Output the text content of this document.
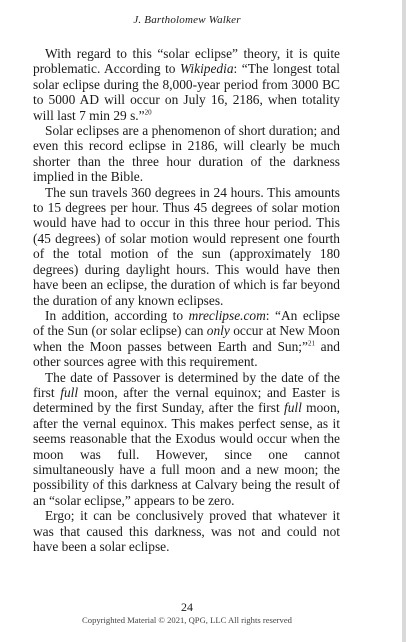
J. Bartholomew Walker

With regard to this “solar eclipse” theory, it is quite problematic. According to Wikipedia: “The longest total solar eclipse during the 8,000-year period from 3000 BC to 5000 AD will occur on July 16, 2186, when totality will last 7 min 29 s.”$^{20}$

Solar eclipses are a phenomenon of short duration; and even this record eclipse in 2186, will clearly be much shorter than the three hour duration of the darkness implied in the Bible.

The sun travels 360 degrees in 24 hours. This amounts to 15 degrees per hour. Thus 45 degrees of solar motion would have had to occur in this three hour period. This (45 degrees) of solar motion would represent one fourth of the total motion of the sun (approximately 180 degrees) during daylight hours. This would have then have been an eclipse, the duration of which is far beyond the duration of any known eclipses.

In addition, according to mreclipse.com: “An eclipse of the Sun (or solar eclipse) can only occur at New Moon when the Moon passes between Earth and Sun;”$^{21}$ and other sources agree with this requirement.

The date of Passover is determined by the date of the first full moon, after the vernal equinox; and Easter is determined by the first Sunday, after the first full moon, after the vernal equinox. This makes perfect sense, as it seems reasonable that the Exodus would occur when the moon was full. However, since one cannot simultaneously have a full moon and a new moon; the possibility of this darkness at Calvary being the result of an “solar eclipse,” appears to be zero.

Ergo; it can be conclusively proved that whatever it was that caused this darkness, was not and could not have been a solar eclipse.

24
Copyrighted Material © 2021, QPG, LLC All rights reserved
